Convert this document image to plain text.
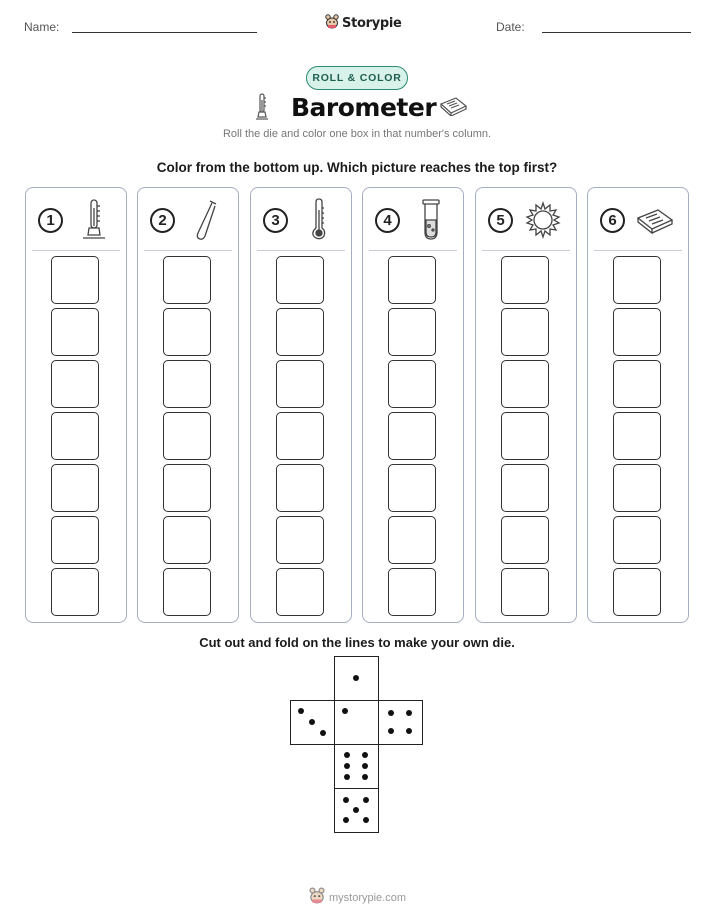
Name:	Storypie	Date:
ROLL & COLOR
Barometer
Roll the die and color one box in that number's column.
Color from the bottom up. Which picture reaches the top first?
1	2	3	4	5	6
Cut out and fold on the lines to make your own die.
mystorypie.com
